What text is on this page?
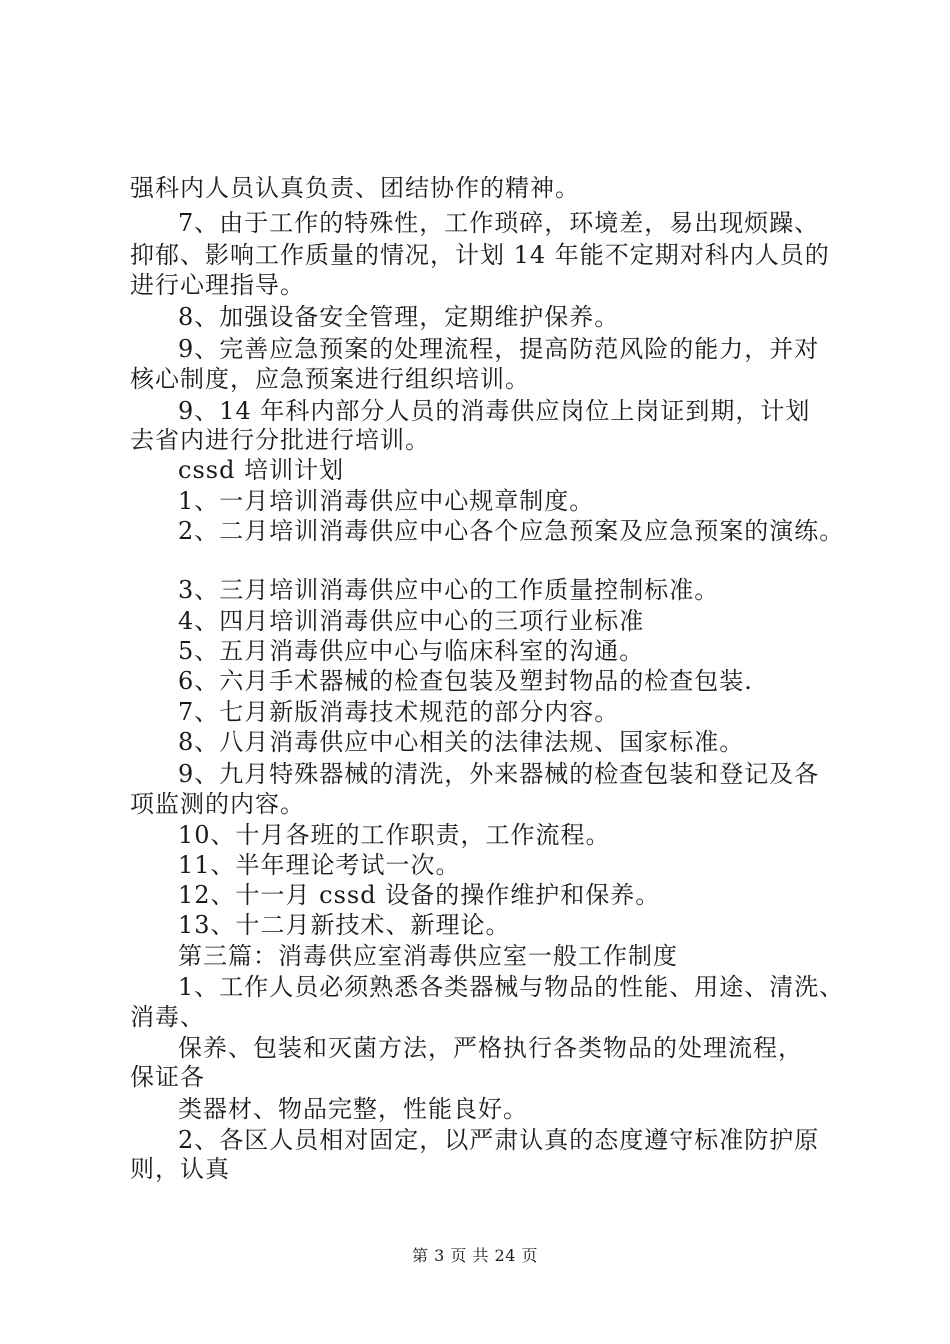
强科内人员认真负责、团结协作的精神。
7、由于工作的特殊性，工作琐碎，环境差，易出现烦躁、
抑郁、影响工作质量的情况，计划 14 年能不定期对科内人员的
进行心理指导。
8、加强设备安全管理，定期维护保养。
9、完善应急预案的处理流程，提高防范风险的能力，并对
核心制度，应急预案进行组织培训。
9、14 年科内部分人员的消毒供应岗位上岗证到期，计划
去省内进行分批进行培训。
cssd 培训计划
1、一月培训消毒供应中心规章制度。
2、二月培训消毒供应中心各个应急预案及应急预案的演练。
3、三月培训消毒供应中心的工作质量控制标准。
4、四月培训消毒供应中心的三项行业标准
5、五月消毒供应中心与临床科室的沟通。
6、六月手术器械的检查包装及塑封物品的检查包装.
7、七月新版消毒技术规范的部分内容。
8、八月消毒供应中心相关的法律法规、国家标准。
9、九月特殊器械的清洗，外来器械的检查包装和登记及各
项监测的内容。
10、十月各班的工作职责，工作流程。
11、半年理论考试一次。
12、十一月 cssd 设备的操作维护和保养。
13、十二月新技术、新理论。
第三篇：消毒供应室消毒供应室一般工作制度
1、工作人员必须熟悉各类器械与物品的性能、用途、清洗、
消毒、
保养、包装和灭菌方法，严格执行各类物品的处理流程，
保证各
类器材、物品完整，性能良好。
2、各区人员相对固定，以严肃认真的态度遵守标准防护原
则，认真
第 3 页 共 24 页
